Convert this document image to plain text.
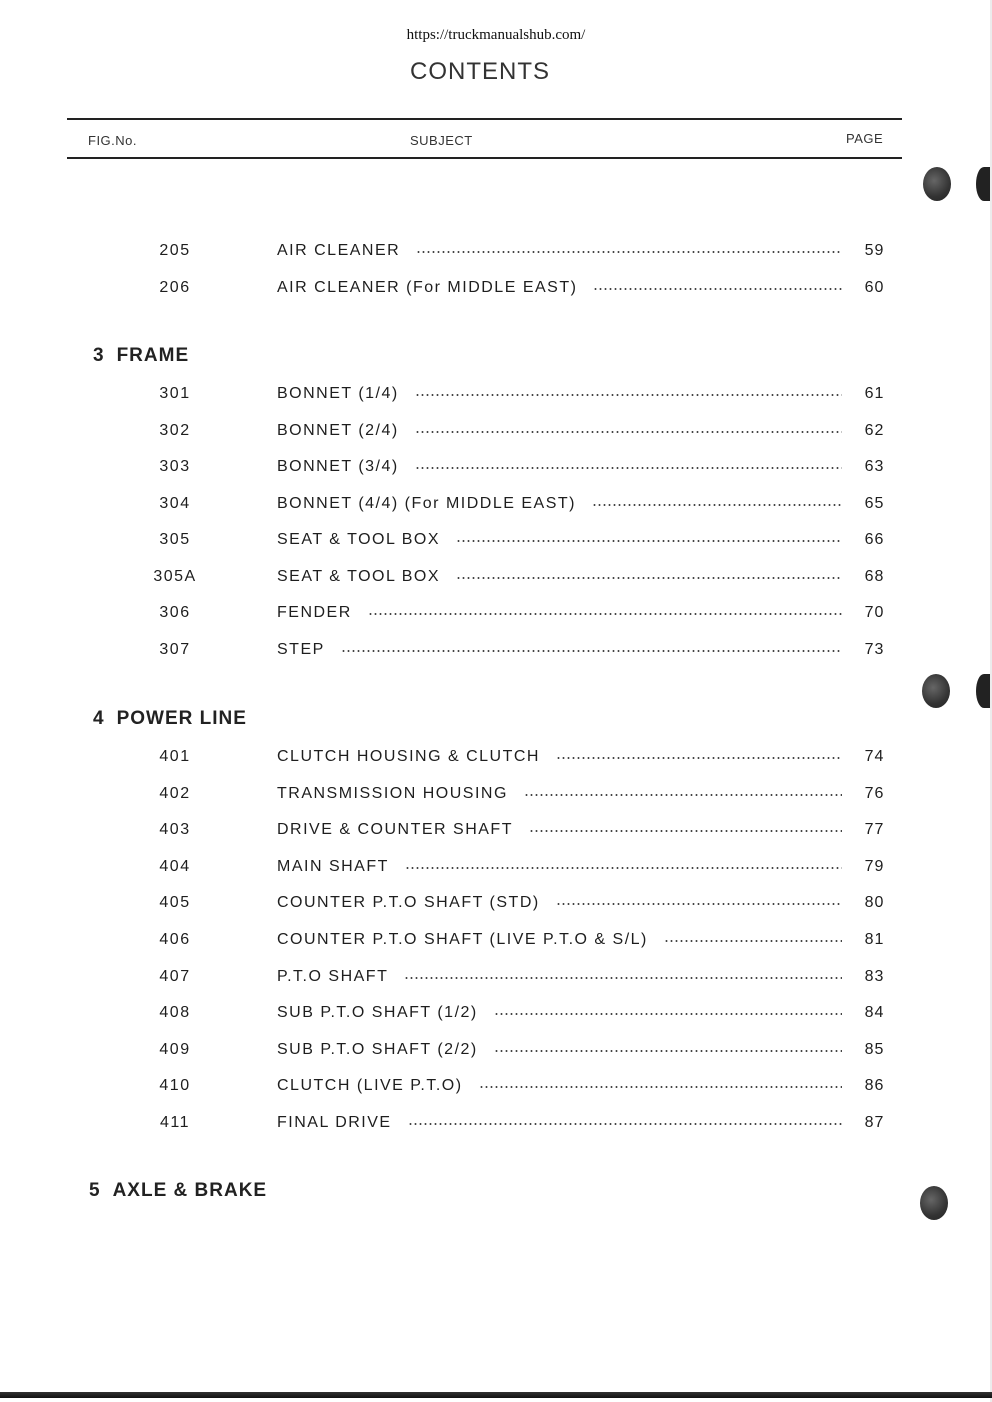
https://truckmanualshub.com/
CONTENTS
FIG.No.	SUBJECT	PAGE
205	AIR CLEANER	59
206	AIR CLEANER (For MIDDLE EAST)	60
3 FRAME
301	BONNET (1/4)	61
302	BONNET (2/4)	62
303	BONNET (3/4)	63
304	BONNET (4/4) (For MIDDLE EAST)	65
305	SEAT & TOOL BOX	66
305A	SEAT & TOOL BOX	68
306	FENDER	70
307	STEP	73
4 POWER LINE
401	CLUTCH HOUSING & CLUTCH	74
402	TRANSMISSION HOUSING	76
403	DRIVE & COUNTER SHAFT	77
404	MAIN SHAFT	79
405	COUNTER P.T.O SHAFT (STD)	80
406	COUNTER P.T.O SHAFT (LIVE P.T.O & S/L)	81
407	P.T.O SHAFT	83
408	SUB P.T.O SHAFT (1/2)	84
409	SUB P.T.O SHAFT (2/2)	85
410	CLUTCH (LIVE P.T.O)	86
411	FINAL DRIVE	87
5 AXLE & BRAKE
